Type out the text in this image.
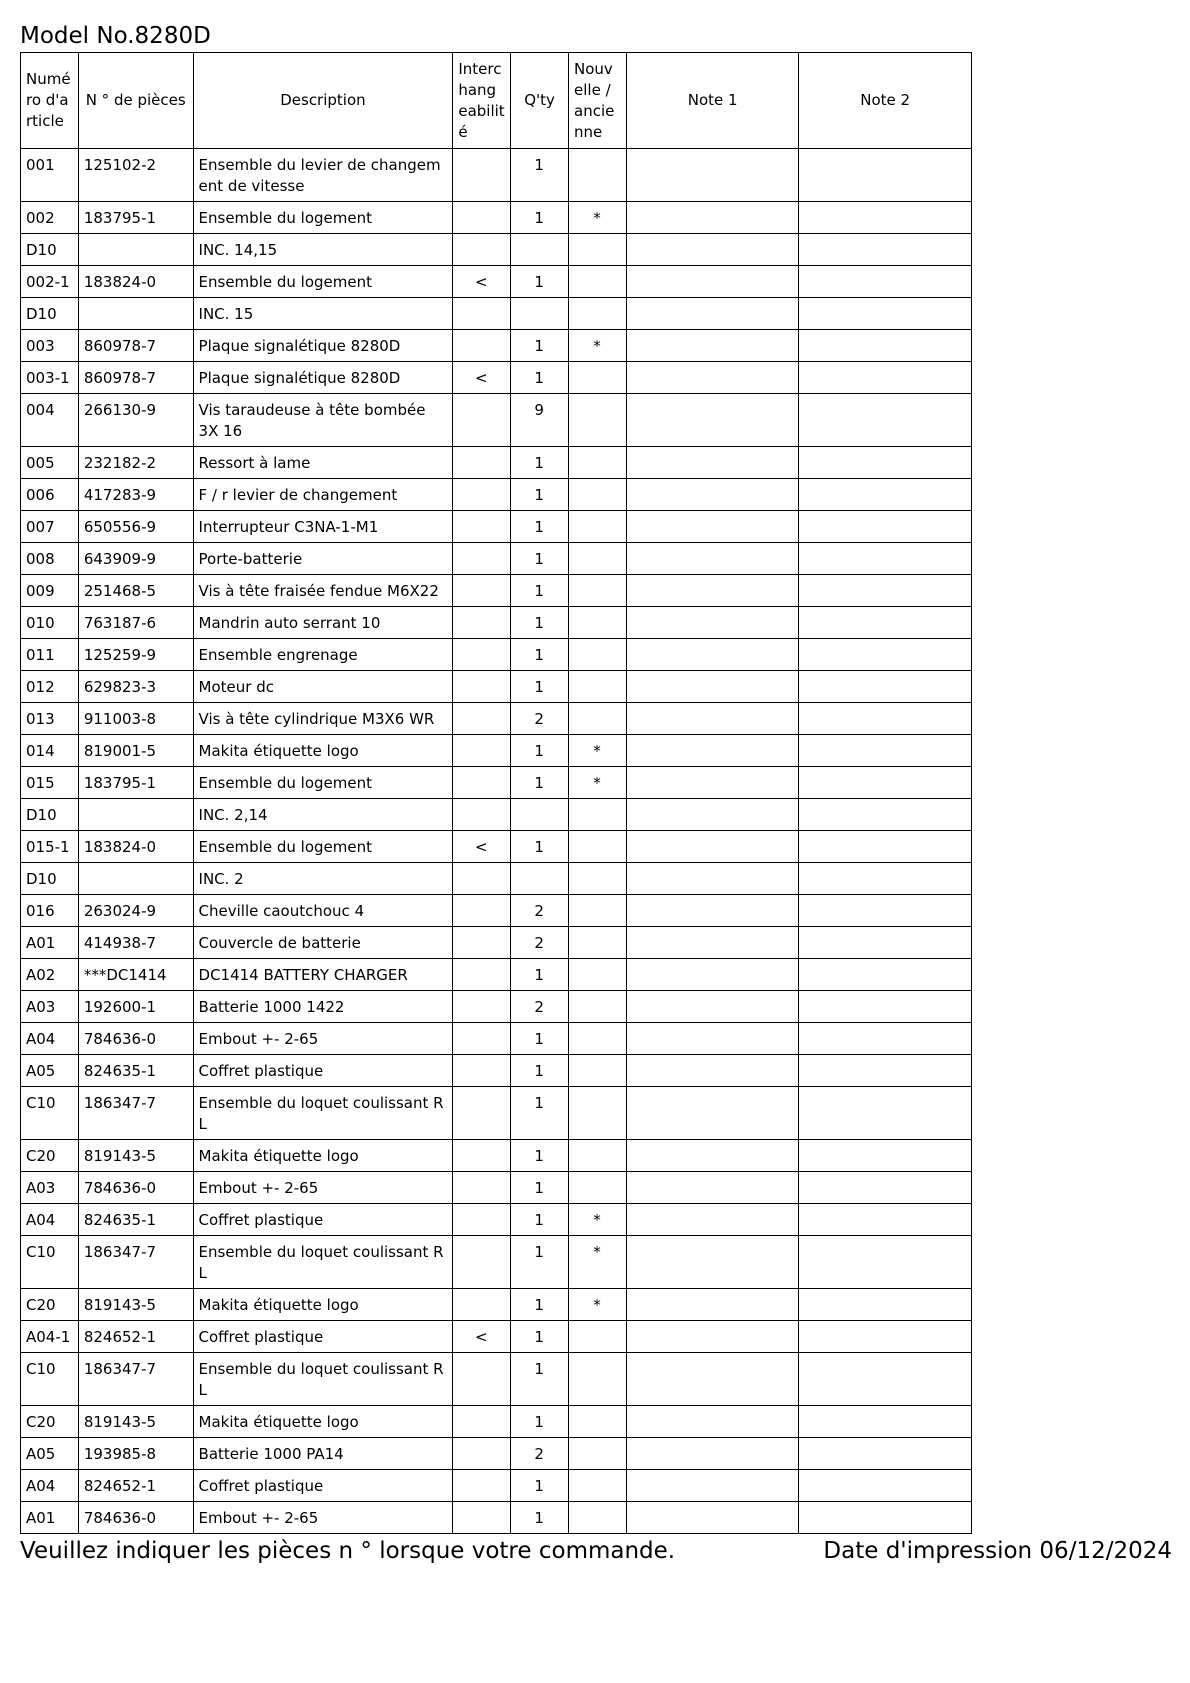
Model No.8280D
Numé ro d'a rticle	N ° de pièces	Description	Interc hang eabilit é	Q'ty	Nouv elle / ancie nne	Note 1	Note 2
001	125102-2	Ensemble du levier de changem ent de vitesse		1			
002	183795-1	Ensemble du logement		1	*		
D10		INC. 14,15					
002-1	183824-0	Ensemble du logement	<	1			
D10		INC. 15					
003	860978-7	Plaque signalétique 8280D		1	*		
003-1	860978-7	Plaque signalétique 8280D	<	1			
004	266130-9	Vis taraudeuse à tête bombée 3X 16		9			
005	232182-2	Ressort à lame		1			
006	417283-9	F / r levier de changement		1			
007	650556-9	Interrupteur C3NA-1-M1		1			
008	643909-9	Porte-batterie		1			
009	251468-5	Vis à tête fraisée fendue M6X22		1			
010	763187-6	Mandrin auto serrant 10		1			
011	125259-9	Ensemble engrenage		1			
012	629823-3	Moteur dc		1			
013	911003-8	Vis à tête cylindrique M3X6 WR		2			
014	819001-5	Makita étiquette logo		1	*		
015	183795-1	Ensemble du logement		1	*		
D10		INC. 2,14					
015-1	183824-0	Ensemble du logement	<	1			
D10		INC. 2					
016	263024-9	Cheville caoutchouc 4		2			
A01	414938-7	Couvercle de batterie		2			
A02	***DC1414	DC1414 BATTERY CHARGER		1			
A03	192600-1	Batterie 1000 1422		2			
A04	784636-0	Embout +- 2-65		1			
A05	824635-1	Coffret plastique		1			
C10	186347-7	Ensemble du loquet coulissant R L		1			
C20	819143-5	Makita étiquette logo		1			
A03	784636-0	Embout +- 2-65		1			
A04	824635-1	Coffret plastique		1	*		
C10	186347-7	Ensemble du loquet coulissant R L		1	*		
C20	819143-5	Makita étiquette logo		1	*		
A04-1	824652-1	Coffret plastique	<	1			
C10	186347-7	Ensemble du loquet coulissant R L		1			
C20	819143-5	Makita étiquette logo		1			
A05	193985-8	Batterie 1000 PA14		2			
A04	824652-1	Coffret plastique		1			
A01	784636-0	Embout +- 2-65		1			
Veuillez indiquer les pièces n ° lorsque votre commande.	Date d'impression 06/12/2024
